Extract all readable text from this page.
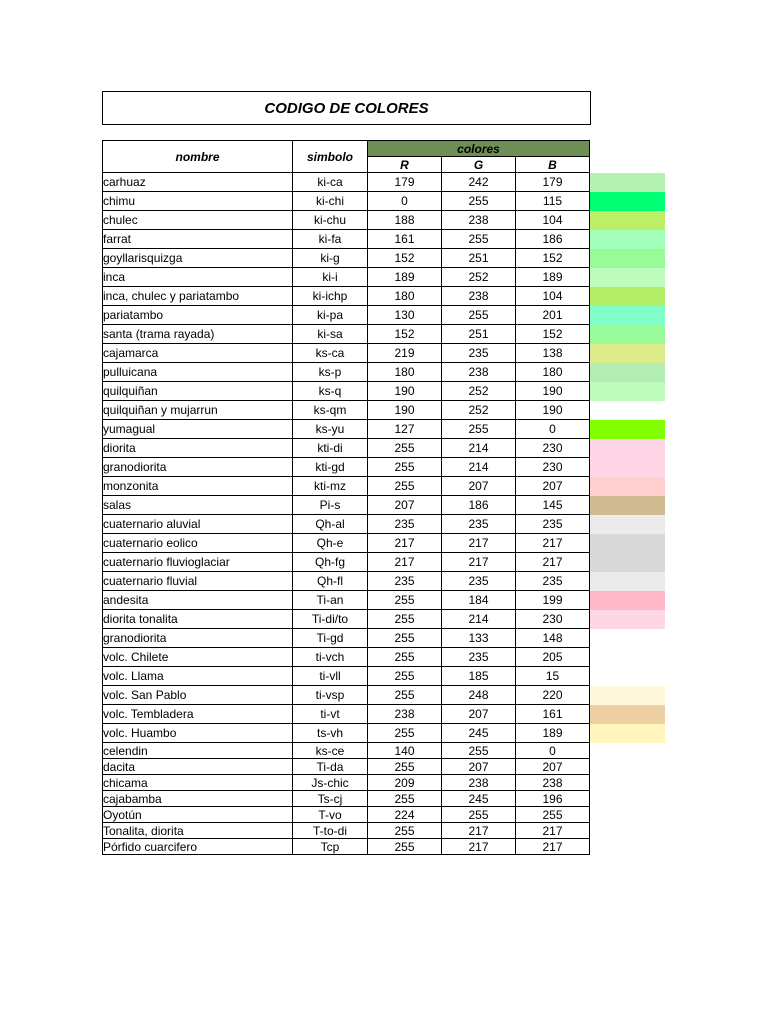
CODIGO DE COLORES
nombre	simbolo	colores			
		R	G	B	
carhuaz	ki-ca	179	242	179	
chimu	ki-chi	0	255	115	
chulec	ki-chu	188	238	104	
farrat	ki-fa	161	255	186	
goyllarisquizga	ki-g	152	251	152	
inca	ki-i	189	252	189	
inca, chulec y pariatambo	ki-ichp	180	238	104	
pariatambo	ki-pa	130	255	201	
santa (trama rayada)	ki-sa	152	251	152	
cajamarca	ks-ca	219	235	138	
pulluicana	ks-p	180	238	180	
quilquiñan	ks-q	190	252	190	
quilquiñan y mujarrun	ks-qm	190	252	190	
yumagual	ks-yu	127	255	0	
diorita	kti-di	255	214	230	
granodiorita	kti-gd	255	214	230	
monzonita	kti-mz	255	207	207	
salas	Pi-s	207	186	145	
cuaternario aluvial	Qh-al	235	235	235	
cuaternario eolico	Qh-e	217	217	217	
cuaternario fluvioglaciar	Qh-fg	217	217	217	
cuaternario fluvial	Qh-fl	235	235	235	
andesita	Ti-an	255	184	199	
diorita tonalita	Ti-di/to	255	214	230	
granodiorita	Ti-gd	255	133	148	
volc. Chilete	ti-vch	255	235	205	
volc. Llama	ti-vll	255	185	15	
volc. San Pablo	ti-vsp	255	248	220	
volc. Tembladera	ti-vt	238	207	161	
volc. Huambo	ts-vh	255	245	189	
celendin	ks-ce	140	255	0	
dacita	Ti-da	255	207	207	
chicama	Js-chic	209	238	238	
cajabamba	Ts-cj	255	245	196	
Oyotún	T-vo	224	255	255	
Tonalita, diorita	T-to-di	255	217	217	
Pórfido cuarcifero	Tcp	255	217	217	
